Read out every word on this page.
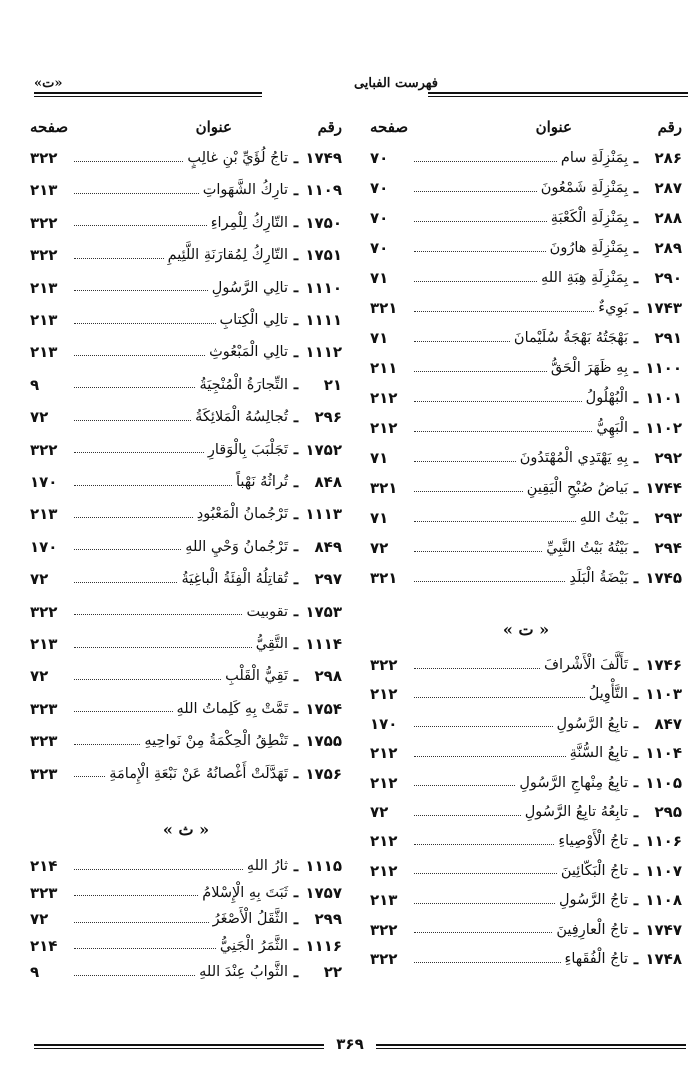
فهرست الفبایی
«ت»
رقم
عنوان
صفحه
رقم
عنوان
صفحه
۲۸۶
ـ
بِمَنْزِلَةِ سام
۷۰
۲۸۷
ـ
بِمَنْزِلَةِ شَمْعُونَ
۷۰
۲۸۸
ـ
بِمَنْزِلَةِ الْكَعْبَةِ
۷۰
۲۸۹
ـ
بِمَنْزِلَةِ هارُونَ
۷۰
۲۹۰
ـ
بِمَنْزِلَةِ هِبَةِ اللهِ
۷۱
۱۷۴۳
ـ
بَوِيءٌ
۳۲۱
۲۹۱
ـ
بَهْجَتُهُ بَهْجَةُ سُلَيْمانَ
۷۱
۱۱۰۰
ـ
بِهِ ظَهَرَ الْحَقُّ
۲۱۱
۱۱۰۱
ـ
الْبُهْلُولُ
۲۱۲
۱۱۰۲
ـ
الْبَهِيُّ
۲۱۲
۲۹۲
ـ
بِهِ يَهْتَدِي الْمُهْتَدُونَ
۷۱
۱۷۴۴
ـ
بَياضُ صُبْحِ الْيَقِينِ
۳۲۱
۲۹۳
ـ
بَيْتُ اللهِ
۷۱
۲۹۴
ـ
بَيْتُهُ بَيْتُ النَّبِيِّ
۷۲
۱۷۴۵
ـ
بَيْضَةُ الْبَلَدِ
۳۲۱
۱۷۴۶
ـ
تَأَلَّفَ الْأَشْرافَ
۳۲۲
۱۱۰۳
ـ
التَّأْوِيلُ
۲۱۲
۸۴۷
ـ
تابِعُ الرَّسُولِ
۱۷۰
۱۱۰۴
ـ
تابِعُ السُّنَّةِ
۲۱۲
۱۱۰۵
ـ
تابِعُ مِنْهاجِ الرَّسُولِ
۲۱۲
۲۹۵
ـ
تابِعُهُ تابِعُ الرَّسُولِ
۷۲
۱۱۰۶
ـ
تاجُ الْأَوْصِياءِ
۲۱۲
۱۱۰۷
ـ
تاجُ الْبَكّائِينَ
۲۱۲
۱۱۰۸
ـ
تاجُ الرَّسُولِ
۲۱۳
۱۷۴۷
ـ
تاجُ الْعارِفِينَ
۳۲۲
۱۷۴۸
ـ
تاجُ الْفُقَهاءِ
۳۲۲
۱۷۴۹
ـ
تاجُ لُؤَيِّ بْنِ غالِبٍ
۳۲۲
۱۱۰۹
ـ
تارِكُ الشَّهَواتِ
۲۱۳
۱۷۵۰
ـ
التّارِكُ لِلْمِراءِ
۳۲۲
۱۷۵۱
ـ
التّارِكُ لِمُقارَنَةِ اللَّئِيمِ
۳۲۲
۱۱۱۰
ـ
تالِي الرَّسُولِ
۲۱۳
۱۱۱۱
ـ
تالِي الْكِتابِ
۲۱۳
۱۱۱۲
ـ
تالِي الْمَبْعُوثِ
۲۱۳
۲۱
ـ
التِّجارَةُ الْمُنْجِيَةُ
۹
۲۹۶
ـ
تُجالِسُهُ الْمَلائِكَةُ
۷۲
۱۷۵۲
ـ
تَجَلْبَبَ بِالْوَقارِ
۳۲۲
۸۴۸
ـ
تُراثُهُ نَهْباً
۱۷۰
۱۱۱۳
ـ
تَرْجُمانُ الْمَعْبُودِ
۲۱۳
۸۴۹
ـ
تَرْجُمانُ وَحْيِ اللهِ
۱۷۰
۲۹۷
ـ
تُقاتِلُهُ الْفِئَةُ الْباغِيَةُ
۷۲
۱۷۵۳
ـ
تقوبيت
۳۲۲
۱۱۱۴
ـ
التَّقِيُّ
۲۱۳
۲۹۸
ـ
تَقِيُّ الْقَلْبِ
۷۲
۱۷۵۴
ـ
تَمَّتْ بِهِ كَلِماتُ اللهِ
۳۲۳
۱۷۵۵
ـ
تَنْطِقُ الْحِكْمَةُ مِنْ نَواحِيهِ
۳۲۳
۱۷۵۶
ـ
تَهَدَّلَتْ أَغْصانُهُ عَنْ نَبْعَةِ الْإِمامَةِ
۳۲۳
۱۱۱۵
ـ
ثارُ اللهِ
۲۱۴
۱۷۵۷
ـ
ثَبَتَ بِهِ الْإِسْلامُ
۳۲۳
۲۹۹
ـ
الثَّقَلُ الْأَصْغَرُ
۷۲
۱۱۱۶
ـ
الثَّمَرُ الْجَنِيُّ
۲۱۴
۲۲
ـ
الثَّوابُ عِنْدَ اللهِ
۹
« ت »
« ث »
۳۶۹
